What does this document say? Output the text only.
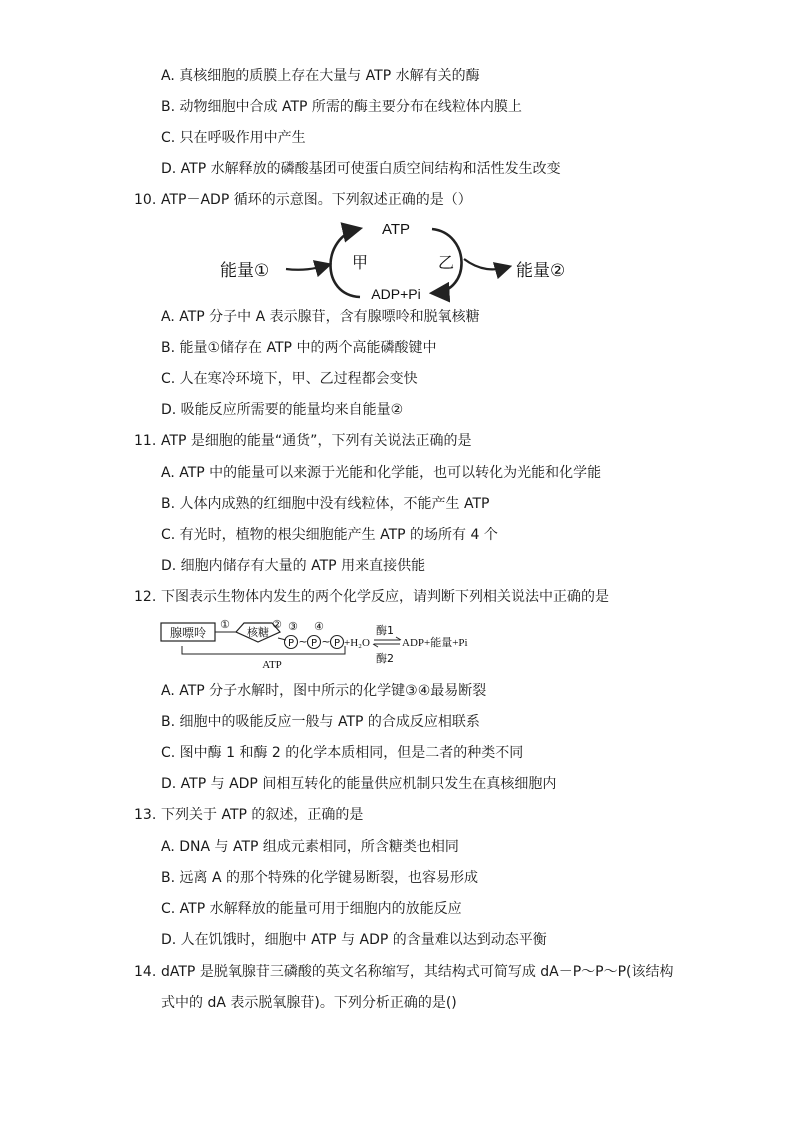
A. 真核细胞的质膜上存在大量与 ATP 水解有关的酶
B. 动物细胞中合成 ATP 所需的酶主要分布在线粒体内膜上
C. 只在呼吸作用中产生
D. ATP 水解释放的磷酸基团可使蛋白质空间结构和活性发生改变
10. ATP－ADP 循环的示意图。下列叙述正确的是（）
ATP
ADP+Pi
甲	乙
能量①	能量②
A. ATP 分子中 A 表示腺苷，含有腺嘌呤和脱氧核糖
B. 能量①储存在 ATP 中的两个高能磷酸键中
C. 人在寒冷环境下，甲、乙过程都会变快
D. 吸能反应所需要的能量均来自能量②
11. ATP 是细胞的能量“通货”，下列有关说法正确的是
A. ATP 中的能量可以来源于光能和化学能，也可以转化为光能和化学能
B. 人体内成熟的红细胞中没有线粒体，不能产生 ATP
C. 有光时，植物的根尖细胞能产生 ATP 的场所有 4 个
D. 细胞内储存有大量的 ATP 用来直接供能
12. 下图表示生物体内发生的两个化学反应，请判断下列相关说法中正确的是
腺嘌呤
①
核糖
②
P ~
③
P ~
④
P +H₂O
酶1
酶2
ADP+能量+Pi
ATP
A. ATP 分子水解时，图中所示的化学键③④最易断裂
B. 细胞中的吸能反应一般与 ATP 的合成反应相联系
C. 图中酶 1 和酶 2 的化学本质相同，但是二者的种类不同
D. ATP 与 ADP 间相互转化的能量供应机制只发生在真核细胞内
13. 下列关于 ATP 的叙述，正确的是
A. DNA 与 ATP 组成元素相同，所含糖类也相同
B. 远离 A 的那个特殊的化学键易断裂，也容易形成
C. ATP 水解释放的能量可用于细胞内的放能反应
D. 人在饥饿时，细胞中 ATP 与 ADP 的含量难以达到动态平衡
14. dATP 是脱氧腺苷三磷酸的英文名称缩写，其结构式可简写成 dA－P～P～P(该结构
式中的 dA 表示脱氧腺苷)。下列分析正确的是()
